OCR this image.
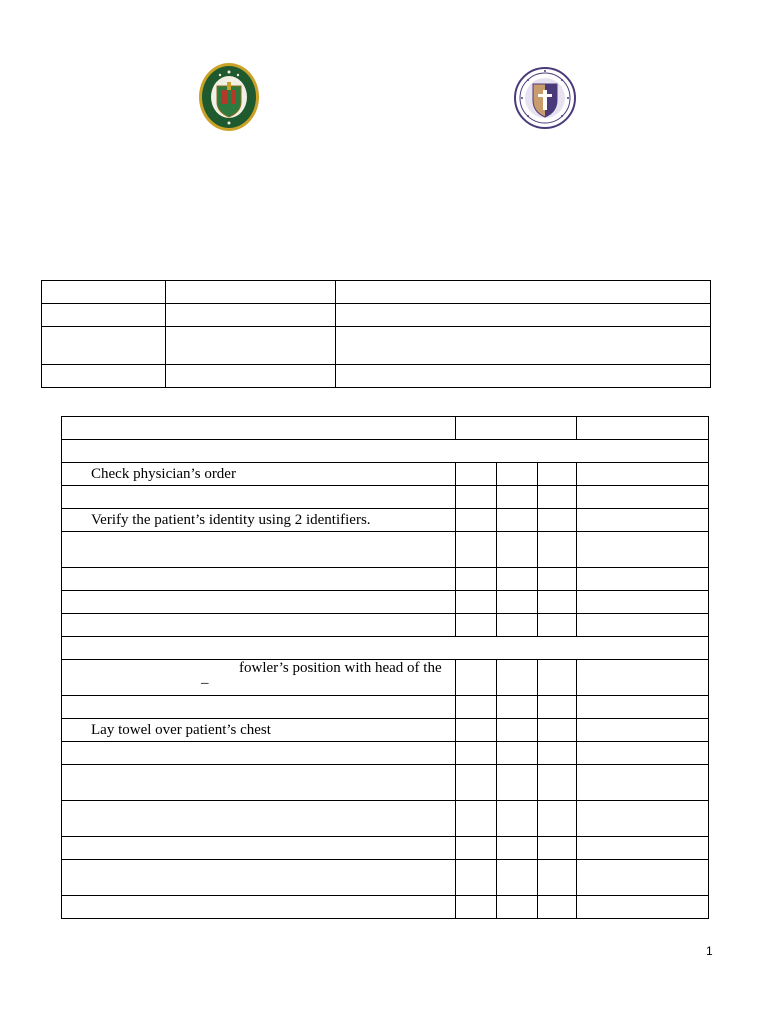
Check physician’s order				

Verify the patient’s identity using 2 identifiers.				

fowler’s position with head of the
–				

Lay towel over patient’s chest				

1
